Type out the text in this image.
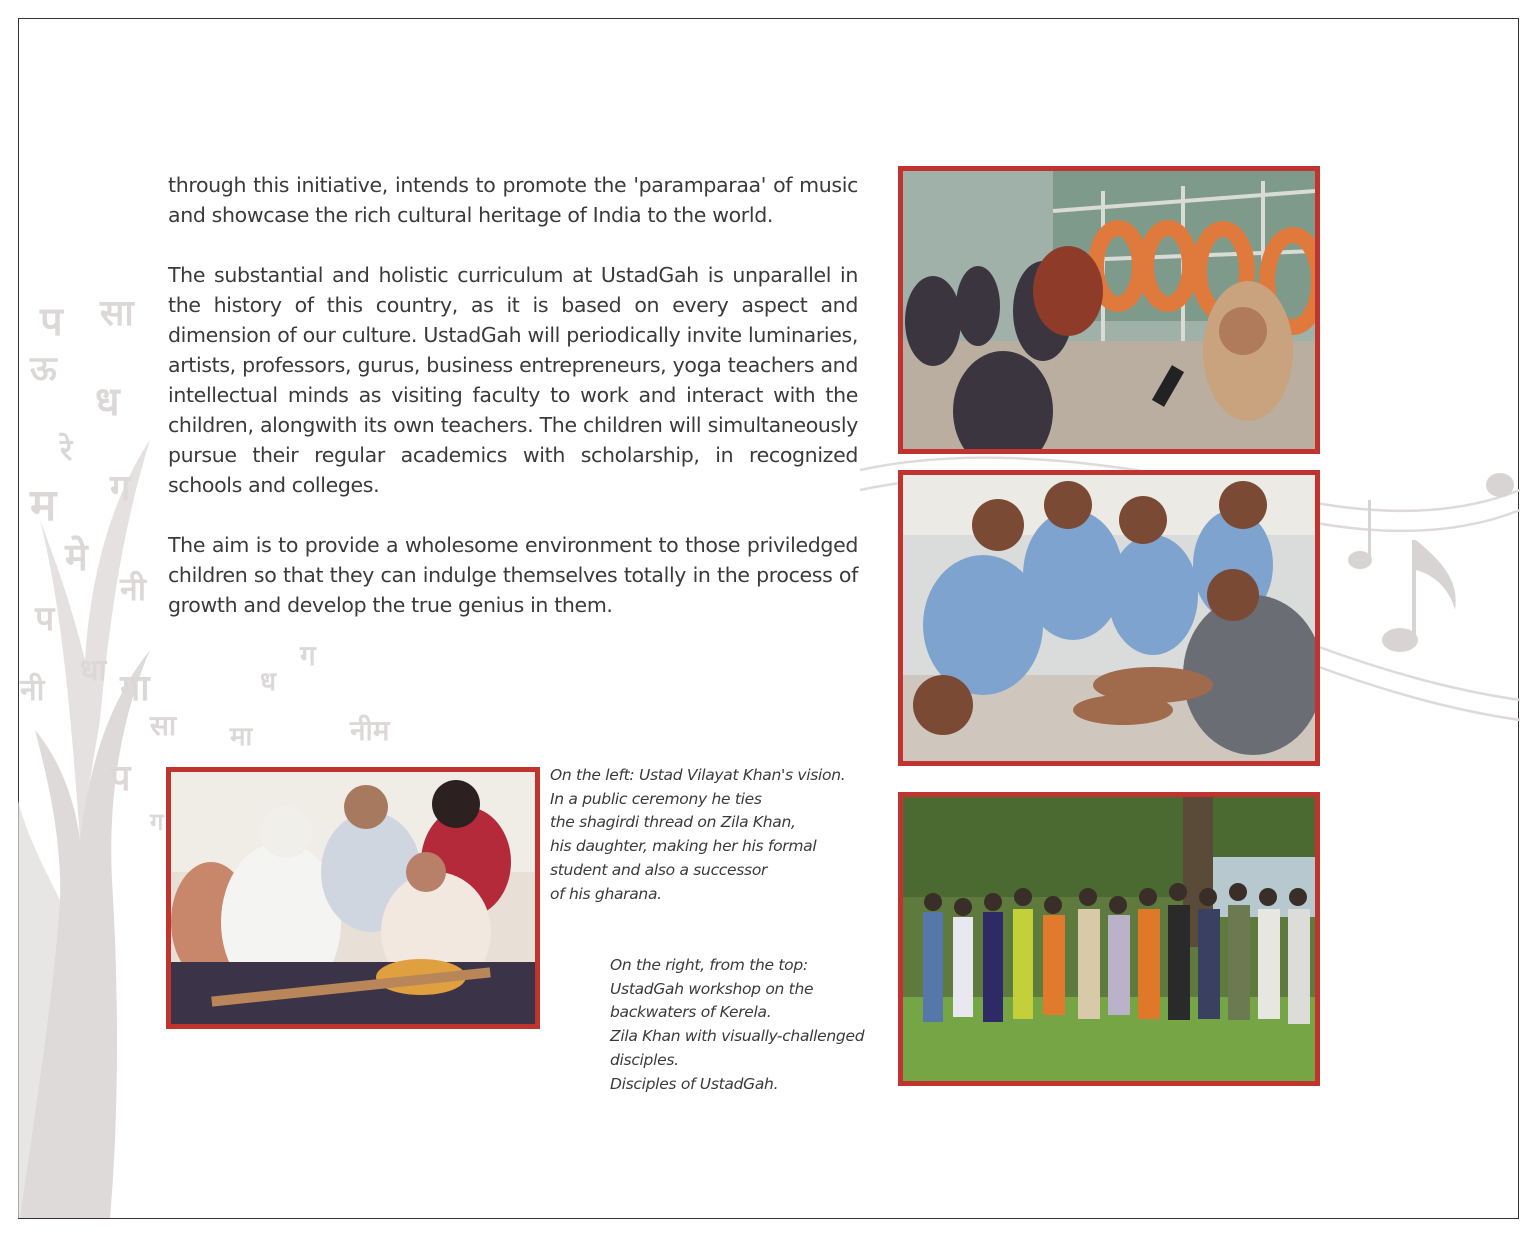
प सा
ऊ
ध
रे
म ग
मे
नी
प
धा गा
नी
सा मा
ग
नीम
ध
प
ग

through this initiative, intends to promote the 'paramparaa' of music and showcase the rich cultural heritage of India to the world.

The substantial and holistic curriculum at UstadGah is unparallel in the history of this country, as it is based on every aspect and dimension of our culture. UstadGah will periodically invite luminaries, artists, professors, gurus, business entrepreneurs, yoga teachers and intellectual minds as visiting faculty to work and interact with the children, alongwith its own teachers. The children will simultaneously pursue their regular academics with scholarship, in recognized schools and colleges.

The aim is to provide a wholesome environment to those priviledged children so that they can indulge themselves totally in the process of growth and develop the true genius in them.

On the left: Ustad Vilayat Khan's vision.
In a public ceremony he ties
the shagirdi thread on Zila Khan,
his daughter, making her his formal
student and also a successor
of his gharana.
On the right, from the top:
UstadGah workshop on the
backwaters of Kerela.
Zila Khan with visually-challenged
disciples.
Disciples of UstadGah.
